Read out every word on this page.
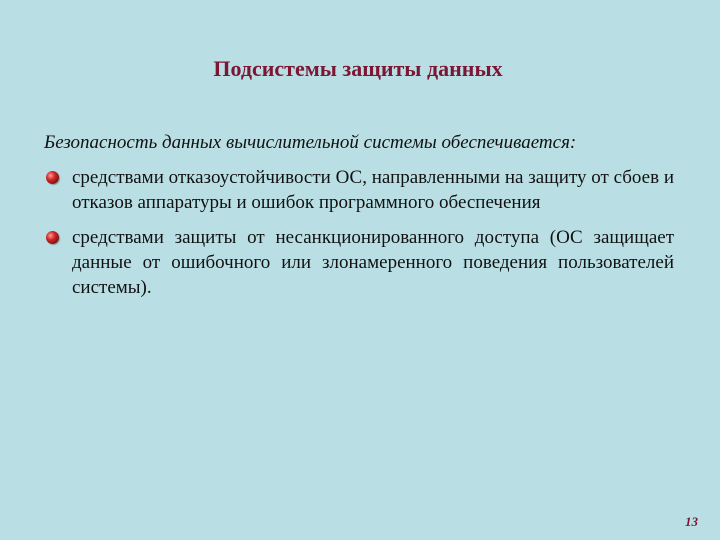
Подсистемы защиты данных

Безопасность данных вычислительной системы обеспечивается:

средствами отказоустойчивости ОС, направленными на защиту от сбоев и отказов аппаратуры и ошибок программного обеспечения
средствами защиты от несанкционированного доступа (ОС защищает данные от ошибочного или злонамеренного поведения пользователей системы).
13
